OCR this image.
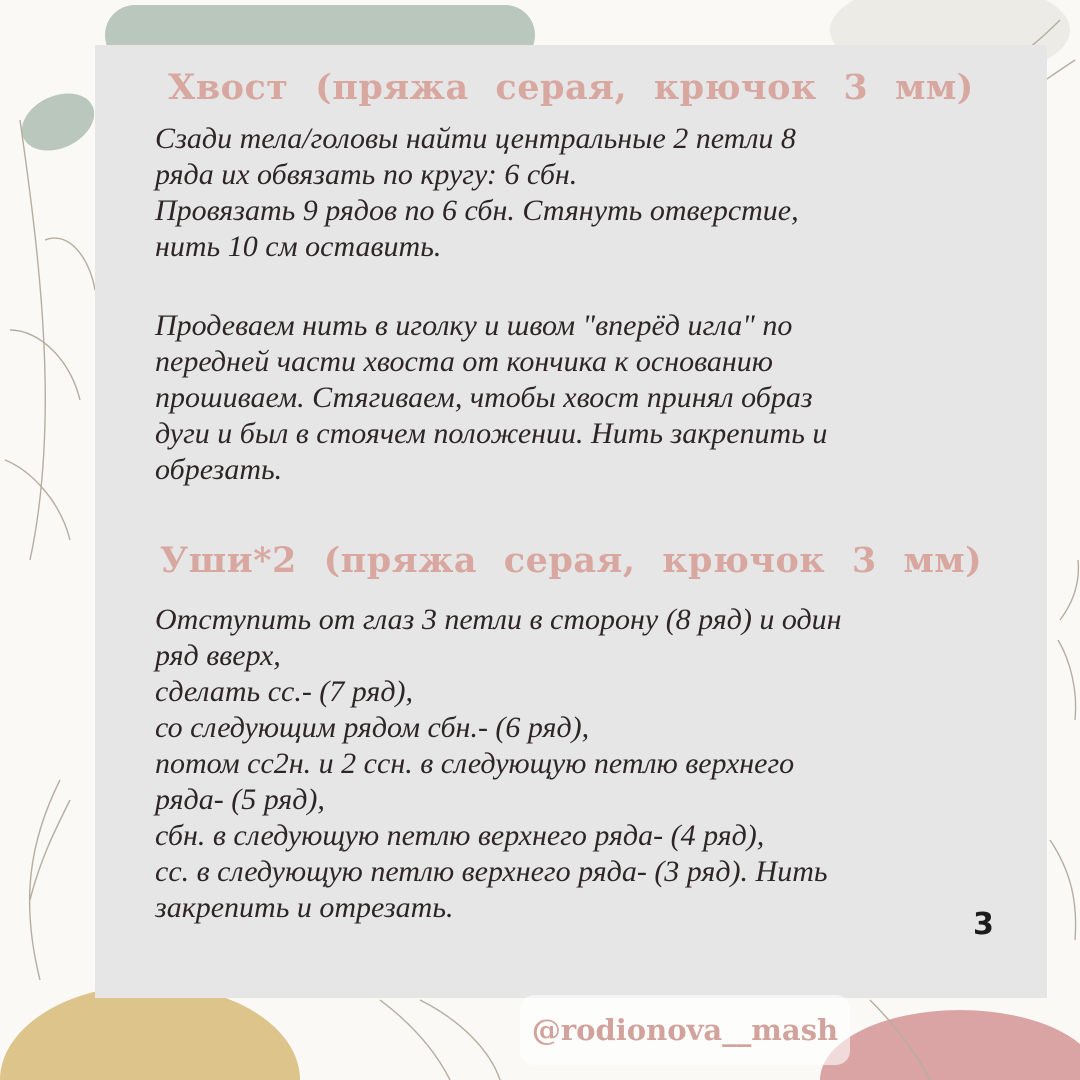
Хвост (пряжа серая, крючок 3 мм)

Сзади тела/головы найти центральные 2 петли 8
ряда их обвязать по кругу: 6 сбн.
Провязать 9 рядов по 6 сбн. Стянуть отверстие,
нить 10 см оставить.

Продеваем нить в иголку и швом "вперёд игла" по
передней части хвоста от кончика к основанию
прошиваем. Стягиваем, чтобы хвост принял образ
дуги и был в стоячем положении. Нить закрепить и
обрезать.

Уши*2 (пряжа серая, крючок 3 мм)

Отступить от глаз 3 петли в сторону (8 ряд) и один
ряд вверх,
сделать сс.- (7 ряд),
со следующим рядом сбн.- (6 ряд),
потом сс2н. и 2 ссн. в следующую петлю верхнего
ряда- (5 ряд),
сбн. в следующую петлю верхнего ряда- (4 ряд),
сс. в следующую петлю верхнего ряда- (3 ряд). Нить
закрепить и отрезать.	3
@rodionova__mash
